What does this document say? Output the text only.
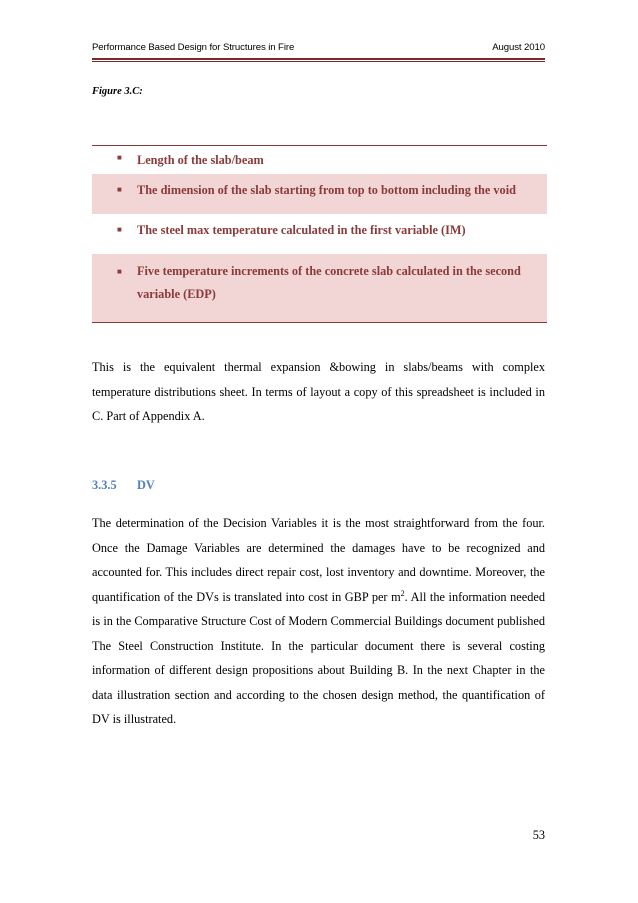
Performance Based Design for Structures in Fire	August 2010
Figure 3.C:
■	Length of the slab/beam
■	The dimension of the slab starting from top to bottom including the void
■	The steel max temperature calculated in the first variable (IM)
■	Five temperature increments of the concrete slab calculated in the second variable (EDP)
This is the equivalent thermal expansion &bowing in slabs/beams with complex temperature distributions sheet. In terms of layout a copy of this spreadsheet is included in C. Part of Appendix A.
3.3.5 DV
The determination of the Decision Variables it is the most straightforward from the four. Once the Damage Variables are determined the damages have to be recognized and accounted for. This includes direct repair cost, lost inventory and downtime. Moreover, the quantification of the DVs is translated into cost in GBP per $m^2$. All the information needed is in the Comparative Structure Cost of Modern Commercial Buildings document published The Steel Construction Institute. In the particular document there is several costing information of different design propositions about Building B. In the next Chapter in the data illustration section and according to the chosen design method, the quantification of DV is illustrated.
53
